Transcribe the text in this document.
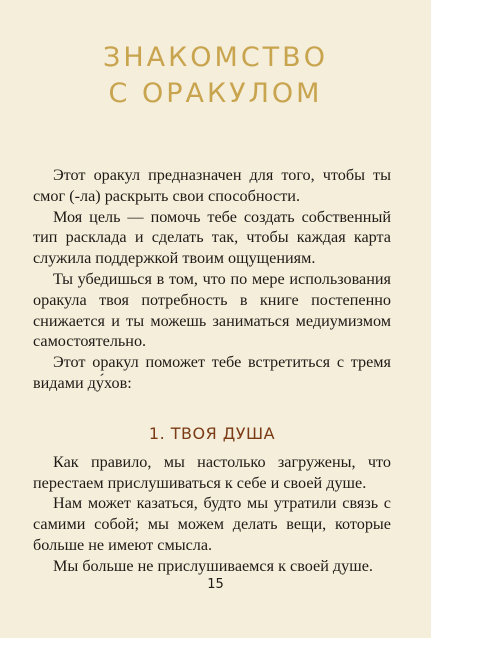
ЗНАКОМСТВО
С ОРАКУЛОМ

Этот оракул предназначен для того, чтобы ты смог (-ла) раскрыть свои способности.

Моя цель — помочь тебе создать собственный тип расклада и сделать так, чтобы каждая карта служила поддержкой твоим ощущениям.

Ты убедишься в том, что по мере использования оракула твоя потребность в книге постепенно снижается и ты можешь заниматься медиумизмом самостоятельно.

Этот оракул поможет тебе встретиться с тремя видами ду́хов:

1. ТВОЯ ДУША

Как правило, мы настолько загружены, что перестаем прислушиваться к себе и своей душе.

Нам может казаться, будто мы утратили связь с самими собой; мы можем делать вещи, которые больше не имеют смысла.

Мы больше не прислушиваемся к своей душе.

15
